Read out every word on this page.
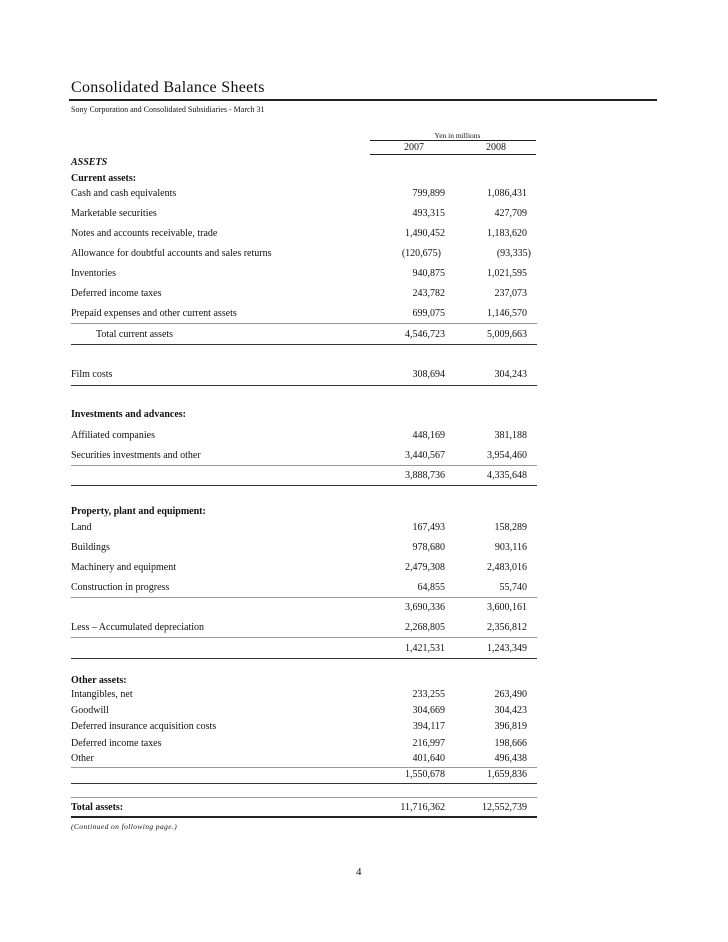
Consolidated Balance Sheets
Sony Corporation and Consolidated Subsidiaries - March 31
Yen in millions
2007	2008
ASSETS
Current assets:
Cash and cash equivalents	799,899	1,086,431
Marketable securities	493,315	427,709
Notes and accounts receivable, trade	1,490,452	1,183,620
Allowance for doubtful accounts and sales returns	(120,675)	(93,335)
Inventories	940,875	1,021,595
Deferred income taxes	243,782	237,073
Prepaid expenses and other current assets	699,075	1,146,570
Total current assets	4,546,723	5,009,663
Film costs	308,694	304,243
Investments and advances:
Affiliated companies	448,169	381,188
Securities investments and other	3,440,567	3,954,460
3,888,736	4,335,648
Property, plant and equipment:
Land	167,493	158,289
Buildings	978,680	903,116
Machinery and equipment	2,479,308	2,483,016
Construction in progress	64,855	55,740
3,690,336	3,600,161
Less – Accumulated depreciation	2,268,805	2,356,812
1,421,531	1,243,349
Other assets:
Intangibles, net	233,255	263,490
Goodwill	304,669	304,423
Deferred insurance acquisition costs	394,117	396,819
Deferred income taxes	216,997	198,666
Other	401,640	496,438
1,550,678	1,659,836
Total assets:	11,716,362	12,552,739
(Continued on following page.)
4
